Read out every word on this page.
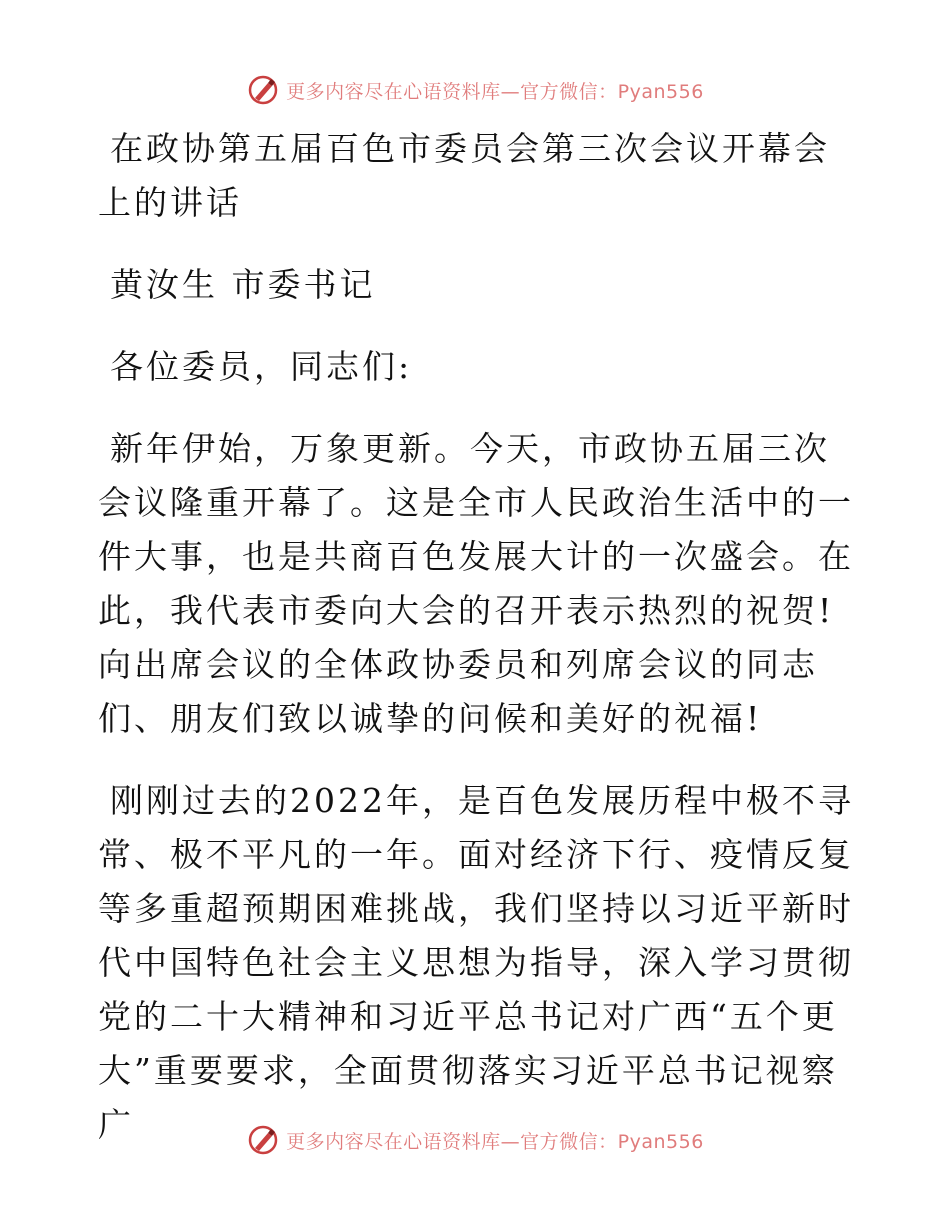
更多内容尽在心语资料库—官方微信：Pyan556

在政协第五届百色市委员会第三次会议开幕会上的讲话

黄汝生 市委书记

各位委员，同志们:

新年伊始，万象更新。今天，市政协五届三次会议隆重开幕了。这是全市人民政治生活中的一件大事，也是共商百色发展大计的一次盛会。在此，我代表市委向大会的召开表示热烈的祝贺!向出席会议的全体政协委员和列席会议的同志们、朋友们致以诚挚的问候和美好的祝福!

刚刚过去的2022年，是百色发展历程中极不寻常、极不平凡的一年。面对经济下行、疫情反复等多重超预期困难挑战，我们坚持以习近平新时代中国特色社会主义思想为指导，深入学习贯彻党的二十大精神和习近平总书记对广西“五个更大”重要要求，全面贯彻落实习近平总书记视察广	更多内容尽在心语资料库—官方微信：Pyan556
